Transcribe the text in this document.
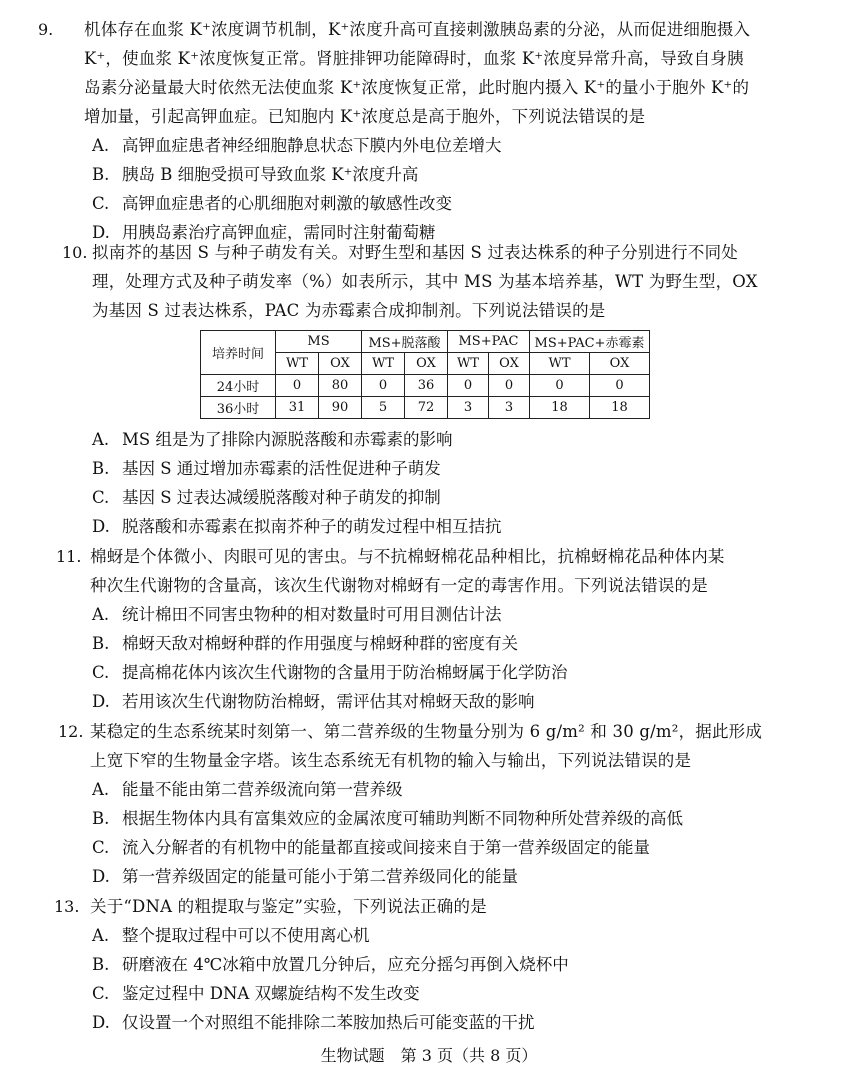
9. 机体存在血浆 K⁺浓度调节机制，K⁺浓度升高可直接刺激胰岛素的分泌，从而促进细胞摄入
K⁺，使血浆 K⁺浓度恢复正常。肾脏排钾功能障碍时，血浆 K⁺浓度异常升高，导致自身胰
岛素分泌量最大时依然无法使血浆 K⁺浓度恢复正常，此时胞内摄入 K⁺的量小于胞外 K⁺的
增加量，引起高钾血症。已知胞内 K⁺浓度总是高于胞外，下列说法错误的是
A. 高钾血症患者神经细胞静息状态下膜内外电位差增大
B. 胰岛 B 细胞受损可导致血浆 K⁺浓度升高
C. 高钾血症患者的心肌细胞对刺激的敏感性改变
D. 用胰岛素治疗高钾血症，需同时注射葡萄糖
10. 拟南芥的基因 S 与种子萌发有关。对野生型和基因 S 过表达株系的种子分别进行不同处
理，处理方式及种子萌发率（%）如表所示，其中 MS 为基本培养基，WT 为野生型，OX
为基因 S 过表达株系，PAC 为赤霉素合成抑制剂。下列说法错误的是
培养时间	MS		MS+脱落酸		MS+PAC		MS+PAC+赤霉素	
	WT	OX	WT	OX	WT	OX	WT	OX
24小时	0	80	0	36	0	0	0	0
36小时	31	90	5	72	3	3	18	18
A. MS 组是为了排除内源脱落酸和赤霉素的影响
B. 基因 S 通过增加赤霉素的活性促进种子萌发
C. 基因 S 过表达减缓脱落酸对种子萌发的抑制
D. 脱落酸和赤霉素在拟南芥种子的萌发过程中相互拮抗
11. 棉蚜是个体微小、肉眼可见的害虫。与不抗棉蚜棉花品种相比，抗棉蚜棉花品种体内某
种次生代谢物的含量高，该次生代谢物对棉蚜有一定的毒害作用。下列说法错误的是
A. 统计棉田不同害虫物种的相对数量时可用目测估计法
B. 棉蚜天敌对棉蚜种群的作用强度与棉蚜种群的密度有关
C. 提高棉花体内该次生代谢物的含量用于防治棉蚜属于化学防治
D. 若用该次生代谢物防治棉蚜，需评估其对棉蚜天敌的影响
12. 某稳定的生态系统某时刻第一、第二营养级的生物量分别为 6 g/m² 和 30 g/m²，据此形成
上宽下窄的生物量金字塔。该生态系统无有机物的输入与输出，下列说法错误的是
A. 能量不能由第二营养级流向第一营养级
B. 根据生物体内具有富集效应的金属浓度可辅助判断不同物种所处营养级的高低
C. 流入分解者的有机物中的能量都直接或间接来自于第一营养级固定的能量
D. 第一营养级固定的能量可能小于第二营养级同化的能量
13. 关于“DNA 的粗提取与鉴定”实验，下列说法正确的是
A. 整个提取过程中可以不使用离心机
B. 研磨液在 4℃冰箱中放置几分钟后，应充分摇匀再倒入烧杯中
C. 鉴定过程中 DNA 双螺旋结构不发生改变
D. 仅设置一个对照组不能排除二苯胺加热后可能变蓝的干扰
生物试题　第 3 页（共 8 页）
